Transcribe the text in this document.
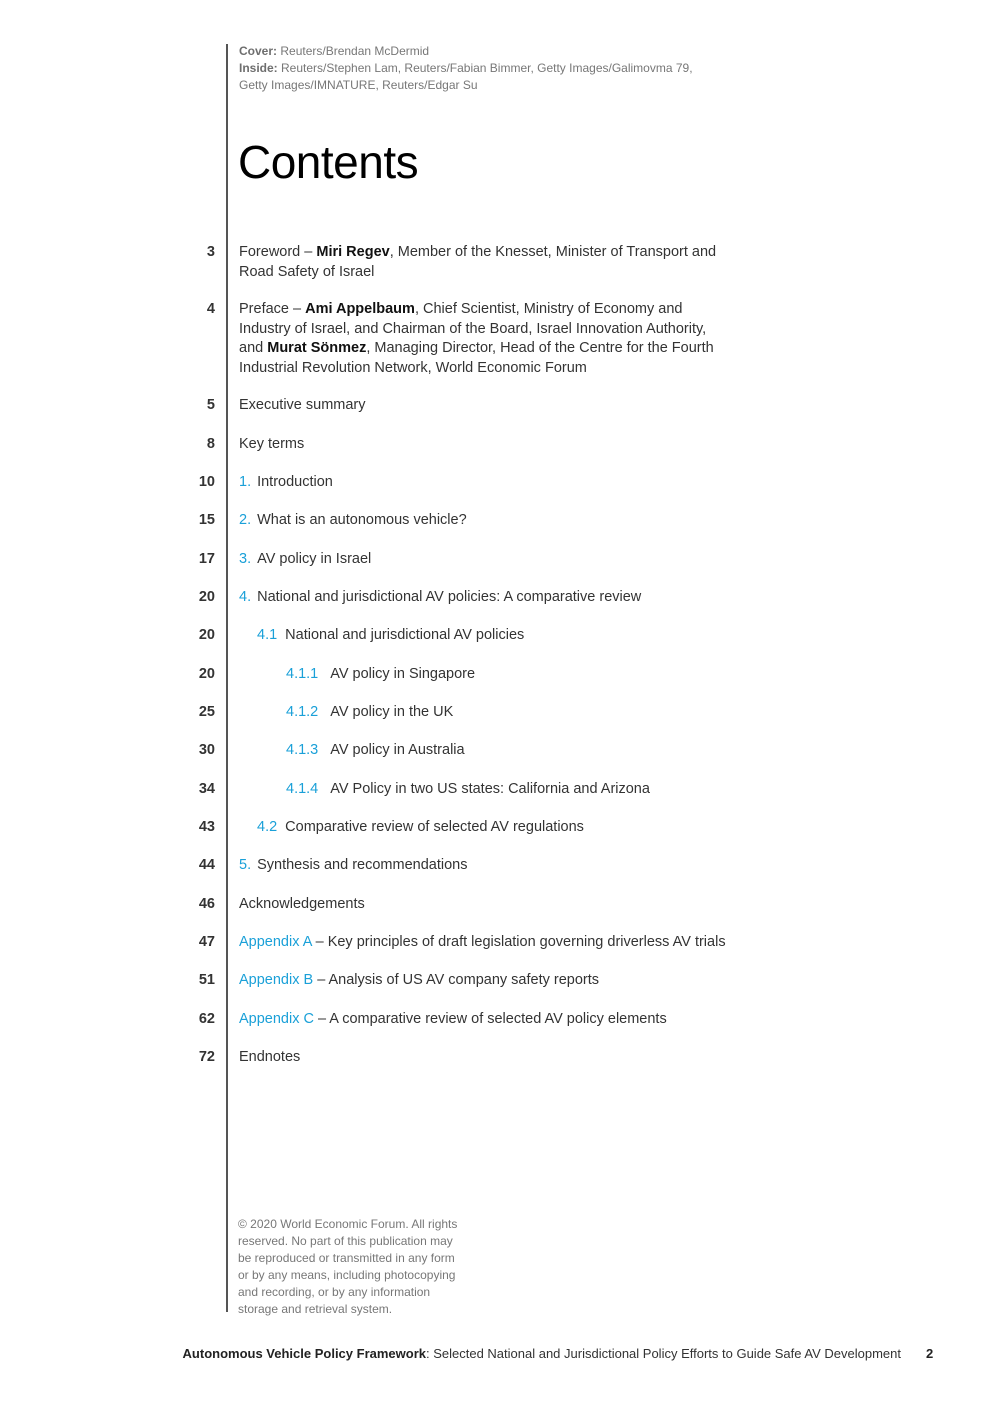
Cover: Reuters/Brendan McDermid
Inside: Reuters/Stephen Lam, Reuters/Fabian Bimmer, Getty Images/Galimovma 79,
Getty Images/IMNATURE, Reuters/Edgar Su
Contents
3 Foreword – Miri Regev, Member of the Knesset, Minister of Transport and Road Safety of Israel
4 Preface – Ami Appelbaum, Chief Scientist, Ministry of Economy and Industry of Israel, and Chairman of the Board, Israel Innovation Authority, and Murat Sönmez, Managing Director, Head of the Centre for the Fourth Industrial Revolution Network, World Economic Forum
5 Executive summary
8 Key terms
10 1. Introduction
15 2. What is an autonomous vehicle?
17 3. AV policy in Israel
20 4. National and jurisdictional AV policies: A comparative review
20	4.1 National and jurisdictional AV policies
20	4.1.1 AV policy in Singapore
25	4.1.2 AV policy in the UK
30	4.1.3 AV policy in Australia
34	4.1.4 AV Policy in two US states: California and Arizona
43	4.2 Comparative review of selected AV regulations
44 5. Synthesis and recommendations
46 Acknowledgements
47 Appendix A – Key principles of draft legislation governing driverless AV trials
51 Appendix B – Analysis of US AV company safety reports
62 Appendix C – A comparative review of selected AV policy elements
72 Endnotes
© 2020 World Economic Forum. All rights reserved. No part of this publication may be reproduced or transmitted in any form or by any means, including photocopying and recording, or by any information storage and retrieval system.
Autonomous Vehicle Policy Framework: Selected National and Jurisdictional Policy Efforts to Guide Safe AV Development 2
